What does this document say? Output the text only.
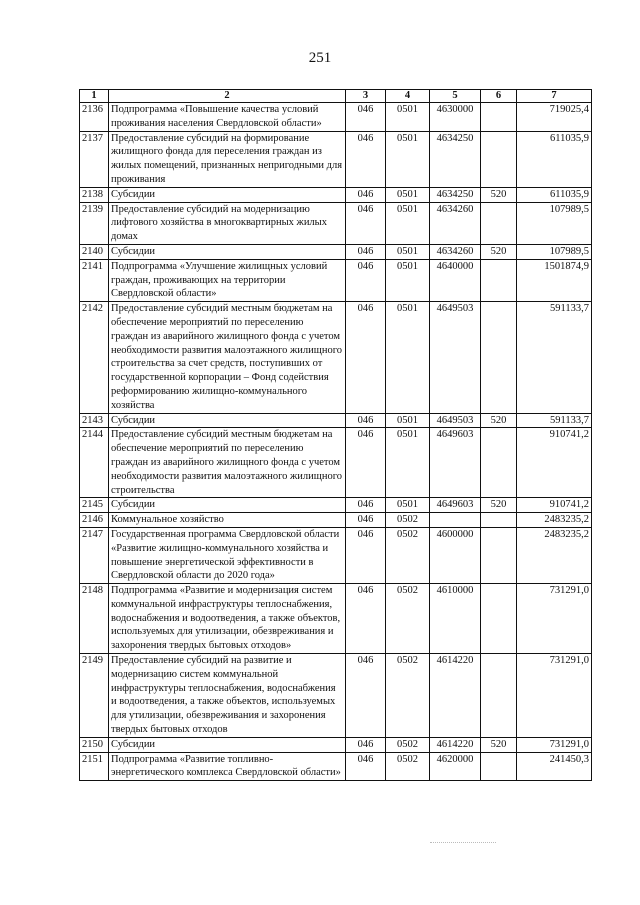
251
1	2	3	4	5	6	7
2136	Подпрограмма «Повышение качества условий проживания населения Свердловской области»	046	0501	4630000		719025,4
2137	Предоставление субсидий на формирование жилищного фонда для переселения граждан из жилых помещений, признанных непригодными для проживания	046	0501	4634250		611035,9
2138	Субсидии	046	0501	4634250	520	611035,9
2139	Предоставление субсидий на модернизацию лифтового хозяйства в многоквартирных жилых домах	046	0501	4634260		107989,5
2140	Субсидии	046	0501	4634260	520	107989,5
2141	Подпрограмма «Улучшение жилищных условий граждан, проживающих на территории Свердловской области»	046	0501	4640000		1501874,9
2142	Предоставление субсидий местным бюджетам на обеспечение мероприятий по переселению граждан из аварийного жилищного фонда с учетом необходимости развития малоэтажного жилищного строительства за счет средств, поступивших от государственной корпорации – Фонд содействия реформированию жилищно-коммунального хозяйства	046	0501	4649503		591133,7
2143	Субсидии	046	0501	4649503	520	591133,7
2144	Предоставление субсидий местным бюджетам на обеспечение мероприятий по переселению граждан из аварийного жилищного фонда с учетом необходимости развития малоэтажного жилищного строительства	046	0501	4649603		910741,2
2145	Субсидии	046	0501	4649603	520	910741,2
2146	Коммунальное хозяйство	046	0502			2483235,2
2147	Государственная программа Свердловской области «Развитие жилищно-коммунального хозяйства и повышение энергетической эффективности в Свердловской области до 2020 года»	046	0502	4600000		2483235,2
2148	Подпрограмма «Развитие и модернизация систем коммунальной инфраструктуры теплоснабжения, водоснабжения и водоотведения, а также объектов, используемых для утилизации, обезвреживания и захоронения твердых бытовых отходов»	046	0502	4610000		731291,0
2149	Предоставление субсидий на развитие и модернизацию систем коммунальной инфраструктуры теплоснабжения, водоснабжения и водоотведения, а также объектов, используемых для утилизации, обезвреживания и захоронения твердых бытовых отходов	046	0502	4614220		731291,0
2150	Субсидии	046	0502	4614220	520	731291,0
2151	Подпрограмма «Развитие топливно-энергетического комплекса Свердловской области»	046	0502	4620000		241450,3
